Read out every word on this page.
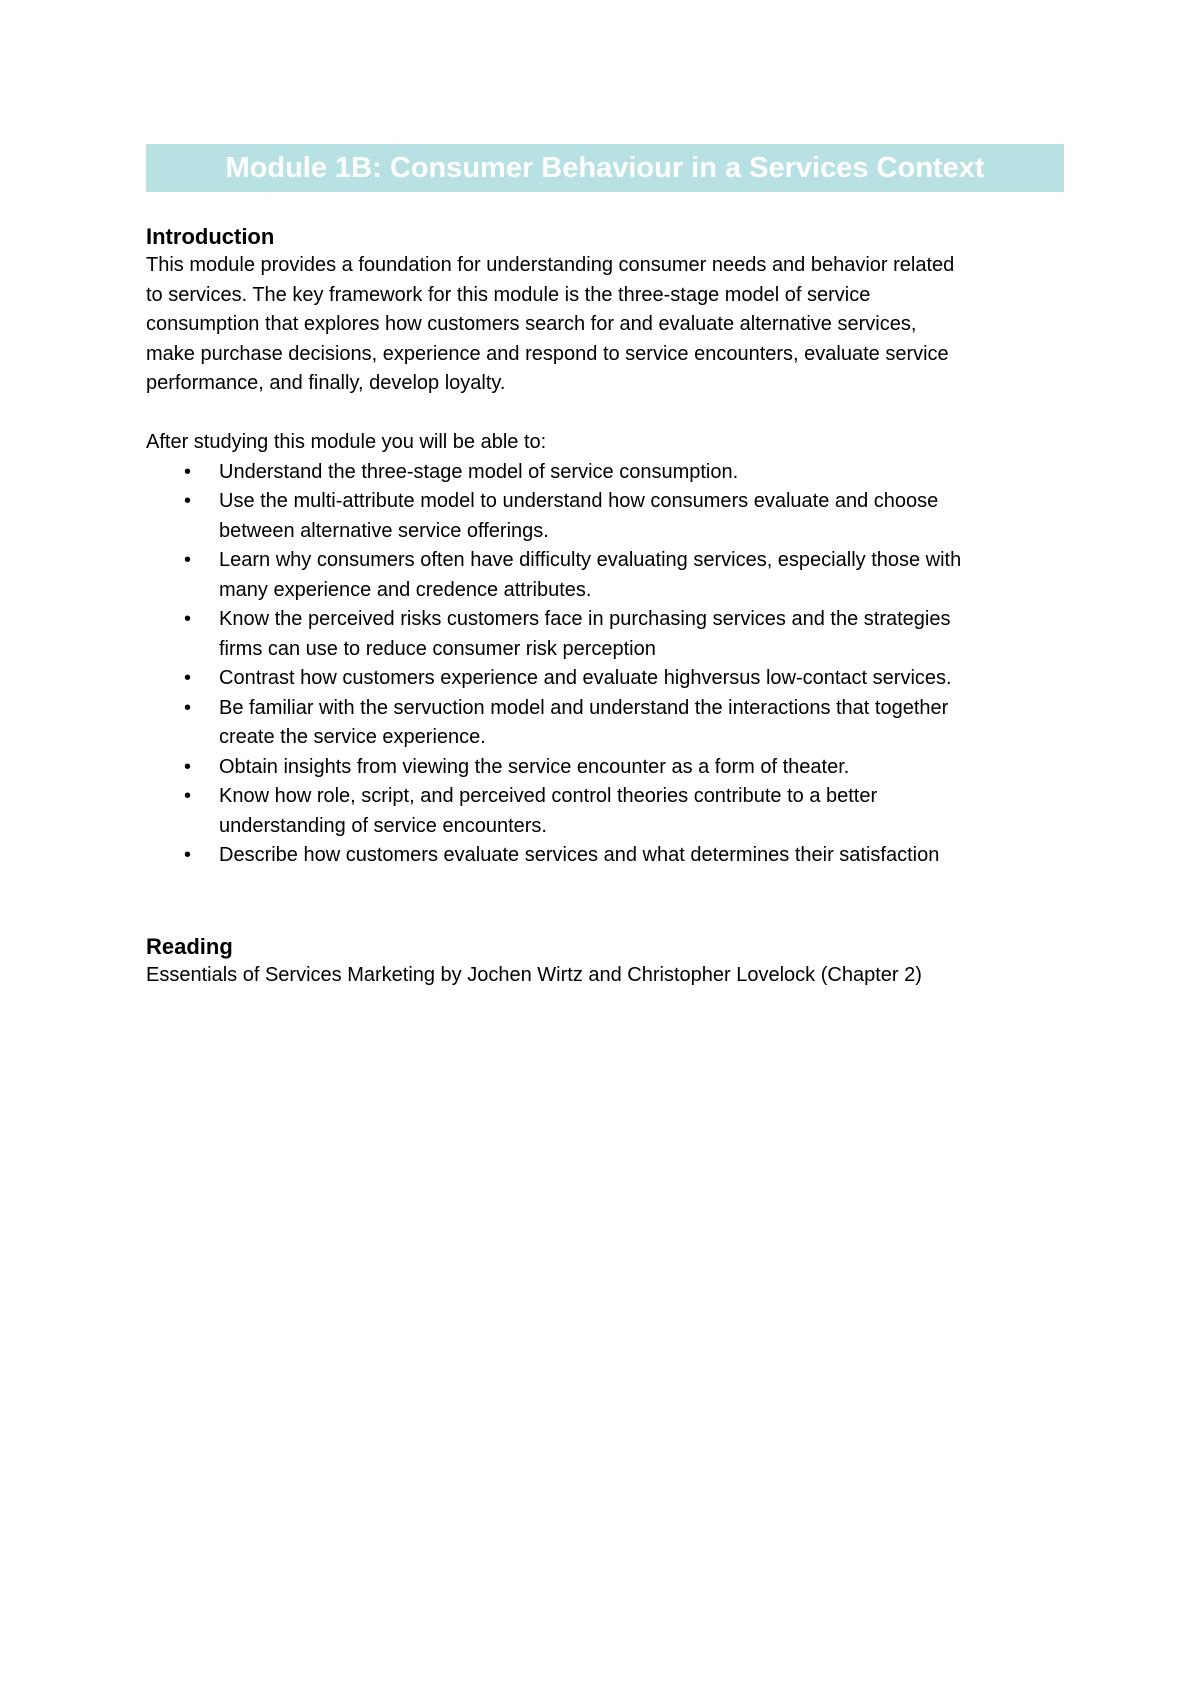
Module 1B: Consumer Behaviour in a Services Context
Introduction

This module provides a foundation for understanding consumer needs and behavior related
to services. The key framework for this module is the three-stage model of service
consumption that explores how customers search for and evaluate alternative services,
make purchase decisions, experience and respond to service encounters, evaluate service
performance, and finally, develop loyalty.

After studying this module you will be able to:

• Understand the three-stage model of service consumption.
• Use the multi-attribute model to understand how consumers evaluate and choose
between alternative service offerings.
• Learn why consumers often have difficulty evaluating services, especially those with
many experience and credence attributes.
• Know the perceived risks customers face in purchasing services and the strategies
firms can use to reduce consumer risk perception
• Contrast how customers experience and evaluate highversus low-contact services.
• Be familiar with the servuction model and understand the interactions that together
create the service experience.
• Obtain insights from viewing the service encounter as a form of theater.
• Know how role, script, and perceived control theories contribute to a better
understanding of service encounters.
• Describe how customers evaluate services and what determines their satisfaction
Reading

Essentials of Services Marketing by Jochen Wirtz and Christopher Lovelock (Chapter 2)
